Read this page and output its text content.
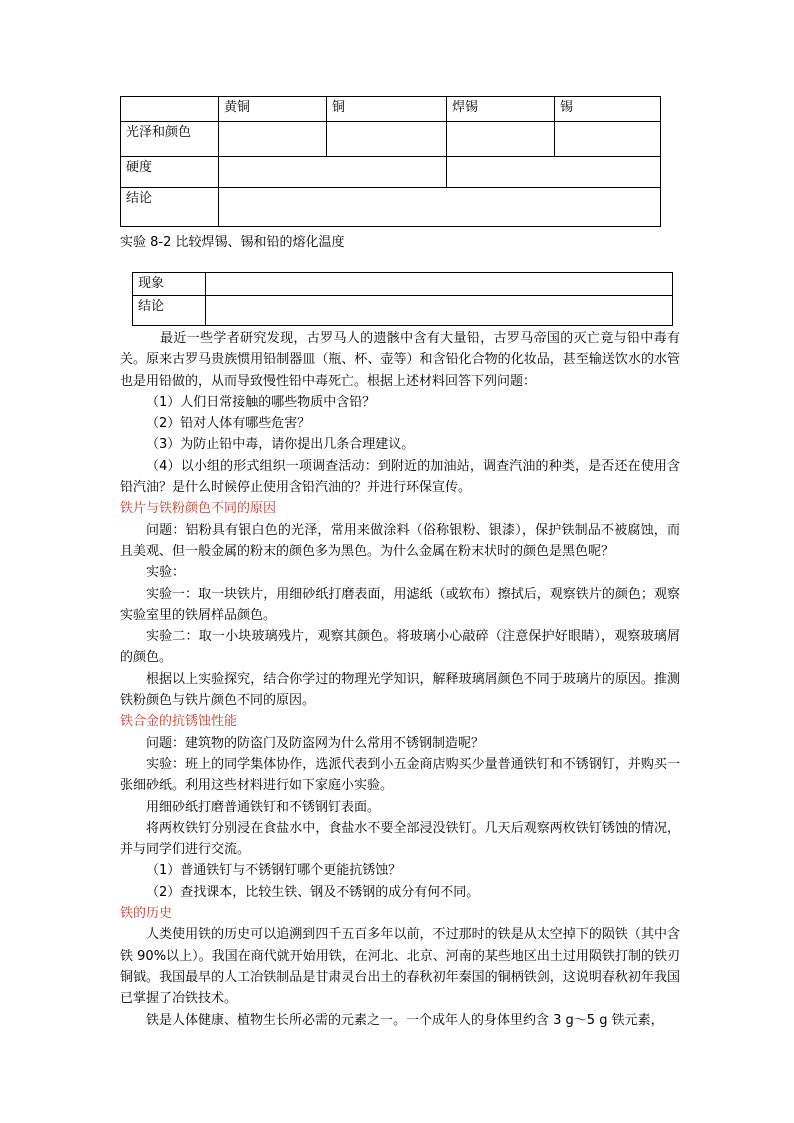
	黄铜	铜	焊锡	锡
光泽和颜色				
硬度				
结论				
实验 8-2 比较焊锡、锡和铅的熔化温度
现象	
结论	

最近一些学者研究发现，古罗马人的遗骸中含有大量铅，古罗马帝国的灭亡竟与铅中毒有关。原来古罗马贵族惯用铅制器皿（瓶、杯、壶等）和含铅化合物的化妆品，甚至输送饮水的水管也是用铅做的，从而导致慢性铅中毒死亡。根据上述材料回答下列问题：

（1）人们日常接触的哪些物质中含铅？

（2）铅对人体有哪些危害？

（3）为防止铅中毒，请你提出几条合理建议。

（4）以小组的形式组织一项调查活动：到附近的加油站，调查汽油的种类，是否还在使用含铅汽油？是什么时候停止使用含铅汽油的？并进行环保宣传。

铁片与铁粉颜色不同的原因

问题：铝粉具有银白色的光泽，常用来做涂料（俗称银粉、银漆），保护铁制品不被腐蚀，而且美观、但一般金属的粉末的颜色多为黑色。为什么金属在粉末状时的颜色是黑色呢？

实验：

实验一：取一块铁片，用细砂纸打磨表面，用滤纸（或软布）擦拭后，观察铁片的颜色；观察实验室里的铁屑样品颜色。

实验二：取一小块玻璃残片，观察其颜色。将玻璃小心敲碎（注意保护好眼睛），观察玻璃屑的颜色。

根据以上实验探究，结合你学过的物理光学知识，解释玻璃屑颜色不同于玻璃片的原因。推测铁粉颜色与铁片颜色不同的原因。

铁合金的抗锈蚀性能

问题：建筑物的防盗门及防盗网为什么常用不锈钢制造呢？

实验：班上的同学集体协作，选派代表到小五金商店购买少量普通铁钉和不锈钢钉，并购买一张细砂纸。利用这些材料进行如下家庭小实验。

用细砂纸打磨普通铁钉和不锈钢钉表面。

将两枚铁钉分别浸在食盐水中，食盐水不要全部浸没铁钉。几天后观察两枚铁钉锈蚀的情况，并与同学们进行交流。

（1）普通铁钉与不锈钢钉哪个更能抗锈蚀？

（2）查找课本，比较生铁、钢及不锈钢的成分有何不同。

铁的历史

人类使用铁的历史可以追溯到四千五百多年以前，不过那时的铁是从太空掉下的陨铁（其中含铁 90%以上）。我国在商代就开始用铁，在河北、北京、河南的某些地区出土过用陨铁打制的铁刃铜钺。我国最早的人工冶铁制品是甘肃灵台出土的春秋初年秦国的铜柄铁剑，这说明春秋初年我国已掌握了冶铁技术。

铁是人体健康、植物生长所必需的元素之一。一个成年人的身体里约含 3 g～5 g 铁元素，
